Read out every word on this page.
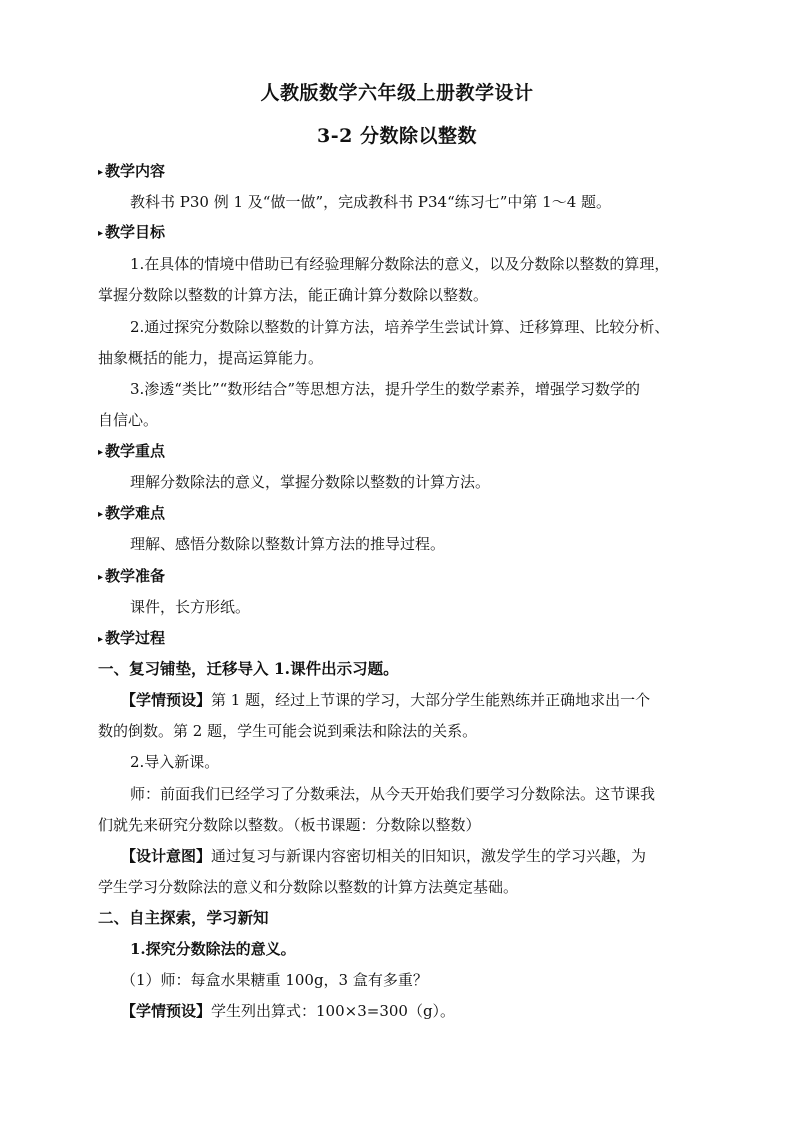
人教版数学六年级上册教学设计
3-2 分数除以整数
▸ 教学内容
教科书 P30 例 1 及“做一做”，完成教科书 P34“练习七”中第 1～4 题。
▸ 教学目标
1.在具体的情境中借助已有经验理解分数除法的意义，以及分数除以整数的算理，
掌握分数除以整数的计算方法，能正确计算分数除以整数。
2.通过探究分数除以整数的计算方法，培养学生尝试计算、迁移算理、比较分析、
抽象概括的能力，提高运算能力。
3.渗透“类比”“数形结合”等思想方法，提升学生的数学素养，增强学习数学的
自信心。
▸ 教学重点
理解分数除法的意义，掌握分数除以整数的计算方法。
▸ 教学难点
理解、感悟分数除以整数计算方法的推导过程。
▸ 教学准备
课件，长方形纸。
▸ 教学过程
一、复习铺垫，迁移导入 1.课件出示习题。
【学情预设】第 1 题，经过上节课的学习，大部分学生能熟练并正确地求出一个
数的倒数。第 2 题，学生可能会说到乘法和除法的关系。
2.导入新课。
师：前面我们已经学习了分数乘法，从今天开始我们要学习分数除法。这节课我
们就先来研究分数除以整数。（板书课题：分数除以整数）
【设计意图】通过复习与新课内容密切相关的旧知识，激发学生的学习兴趣，为
学生学习分数除法的意义和分数除以整数的计算方法奠定基础。
二、自主探索，学习新知
1.探究分数除法的意义。
（1）师：每盒水果糖重 100g，3 盒有多重？
【学情预设】学生列出算式：100×3=300（g）。
